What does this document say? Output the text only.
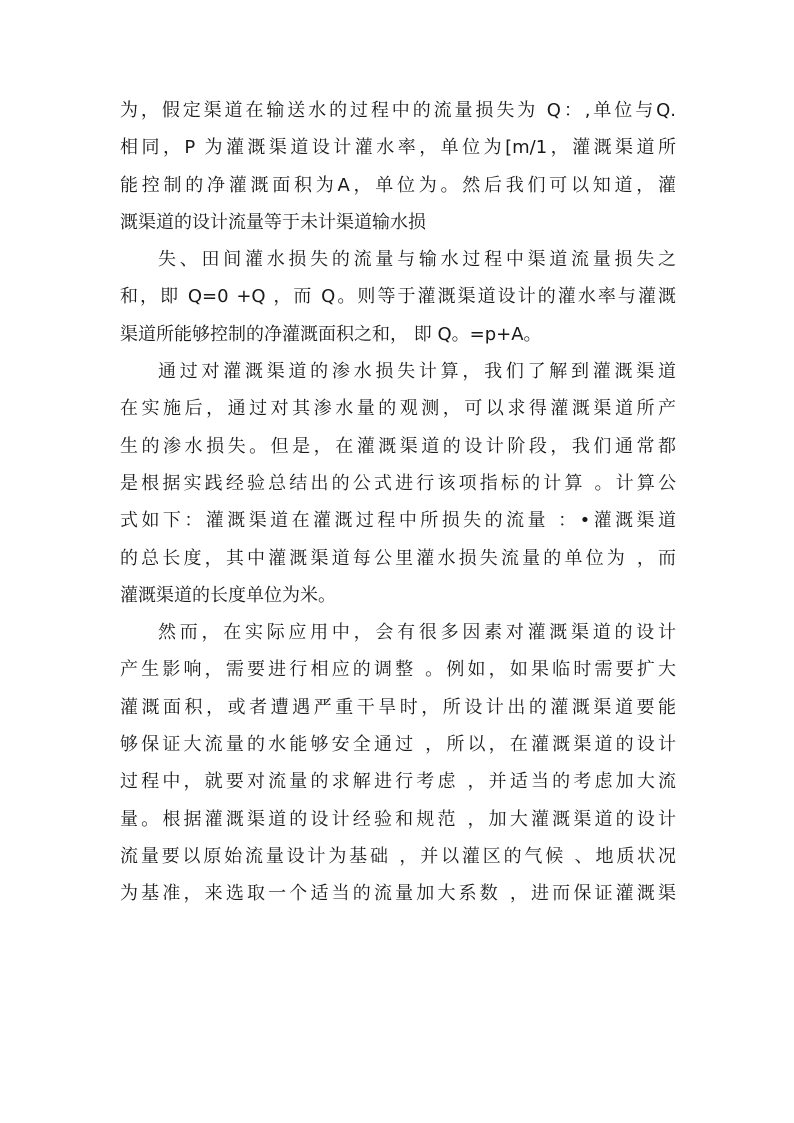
为，假定渠道在输送水的过程中的流量损失为 Q：,单位与Q.
相同，P 为灌溉渠道设计灌水率，单位为[m/1，灌溉渠道所
能控制的净灌溉面积为A，单位为。然后我们可以知道，灌
溉渠道的设计流量等于未计渠道输水损
失、田间灌水损失的流量与输水过程中渠道流量损失之
和，即 Q=0 +Q ，而 Q。则等于灌溉渠道设计的灌水率与灌溉
渠道所能够控制的净灌溉面积之和， 即 Q。=p+A。
通过对灌溉渠道的渗水损失计算，我们了解到灌溉渠道
在实施后，通过对其渗水量的观测，可以求得灌溉渠道所产
生的渗水损失。但是，在灌溉渠道的设计阶段，我们通常都
是根据实践经验总结出的公式进行该项指标的计算 。计算公
式如下：灌溉渠道在灌溉过程中所损失的流量 ：•灌溉渠道
的总长度，其中灌溉渠道每公里灌水损失流量的单位为 ，而
灌溉渠道的长度单位为米。
然而，在实际应用中，会有很多因素对灌溉渠道的设计
产生影响，需要进行相应的调整 。例如，如果临时需要扩大
灌溉面积，或者遭遇严重干旱时，所设计出的灌溉渠道要能
够保证大流量的水能够安全通过 ，所以，在灌溉渠道的设计
过程中，就要对流量的求解进行考虑 ，并适当的考虑加大流
量。根据灌溉渠道的设计经验和规范 ，加大灌溉渠道的设计
流量要以原始流量设计为基础 ，并以灌区的气候 、地质状况
为基准，来选取一个适当的流量加大系数 ，进而保证灌溉渠
